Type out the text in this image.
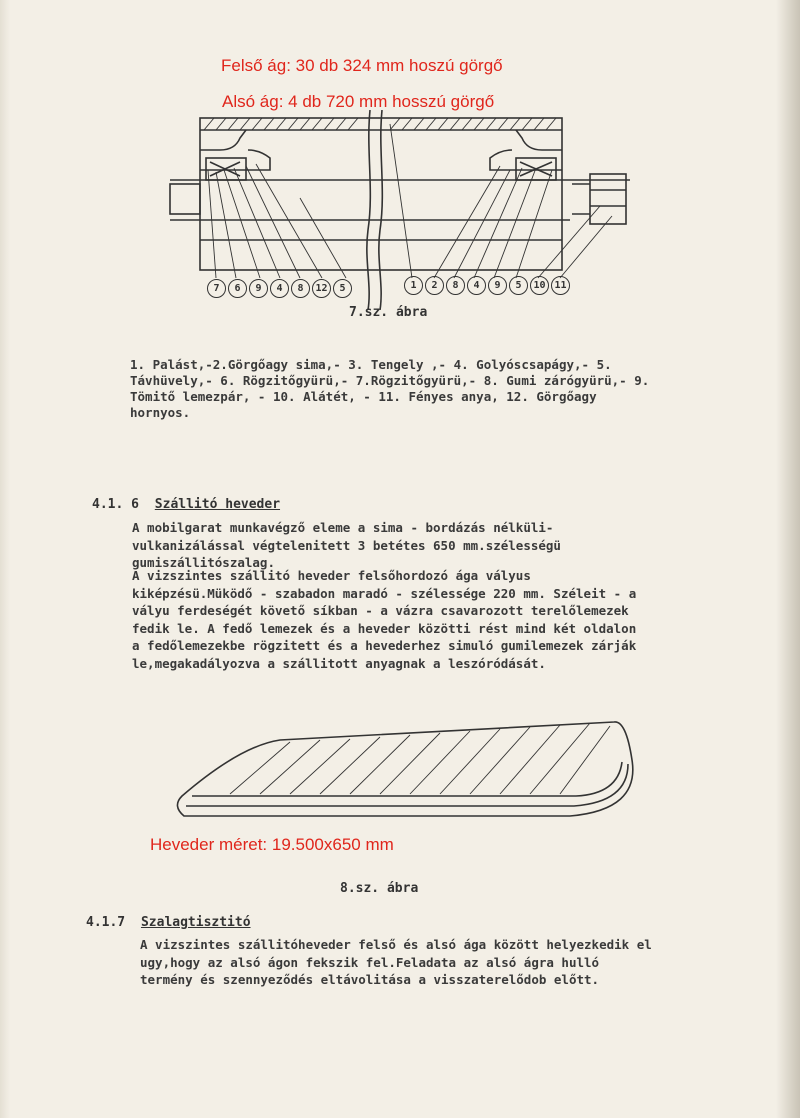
Felső ág: 30 db 324 mm hoszú görgő
Alsó ág: 4 db 720 mm hosszú görgő
7	6	9	4	8	12	5	1	2	8	4	9	5	10 11
7.sz. ábra

1. Palást,-2.Görgőagy sima,- 3. Tengely ,- 4. Golyóscsapágy,- 5. Távhüvely,- 6. Rögzitőgyürü,- 7.Rögzitőgyürü,- 8. Gumi zárógyürü,- 9. Tömitő lemezpár, - 10. Alátét, - 11. Fényes anya, 12. Görgőagy hornyos.

4.1. 6 Szállitó heveder

A mobilgarat munkavégző eleme a sima - bordázás nélküli- vulkanizálással végtelenitett 3 betétes 650 mm.szélességü gumiszállitószalag.

A vizszintes szállitó heveder felsőhordozó ága vályus kiképzésü.Müködő - szabadon maradó - szélessége 220 mm. Széleit - a vályu ferdeségét követő síkban - a vázra csavarozott terelőlemezek fedik le. A fedő lemezek és a heveder közötti rést mind két oldalon a fedőlemezekbe rögzitett és a hevederhez simuló gumilemezek zárják le,megakadályozva a szállitott anyagnak a leszóródását.

Heveder méret: 19.500x650 mm
8.sz. ábra
4.1.7 Szalagtisztitó

A vizszintes szállitóheveder felső és alsó ága között helyezkedik el ugy,hogy az alsó ágon fekszik fel.Feladata az alsó ágra hulló termény és szennyeződés eltávolitása a visszaterelődob előtt.
